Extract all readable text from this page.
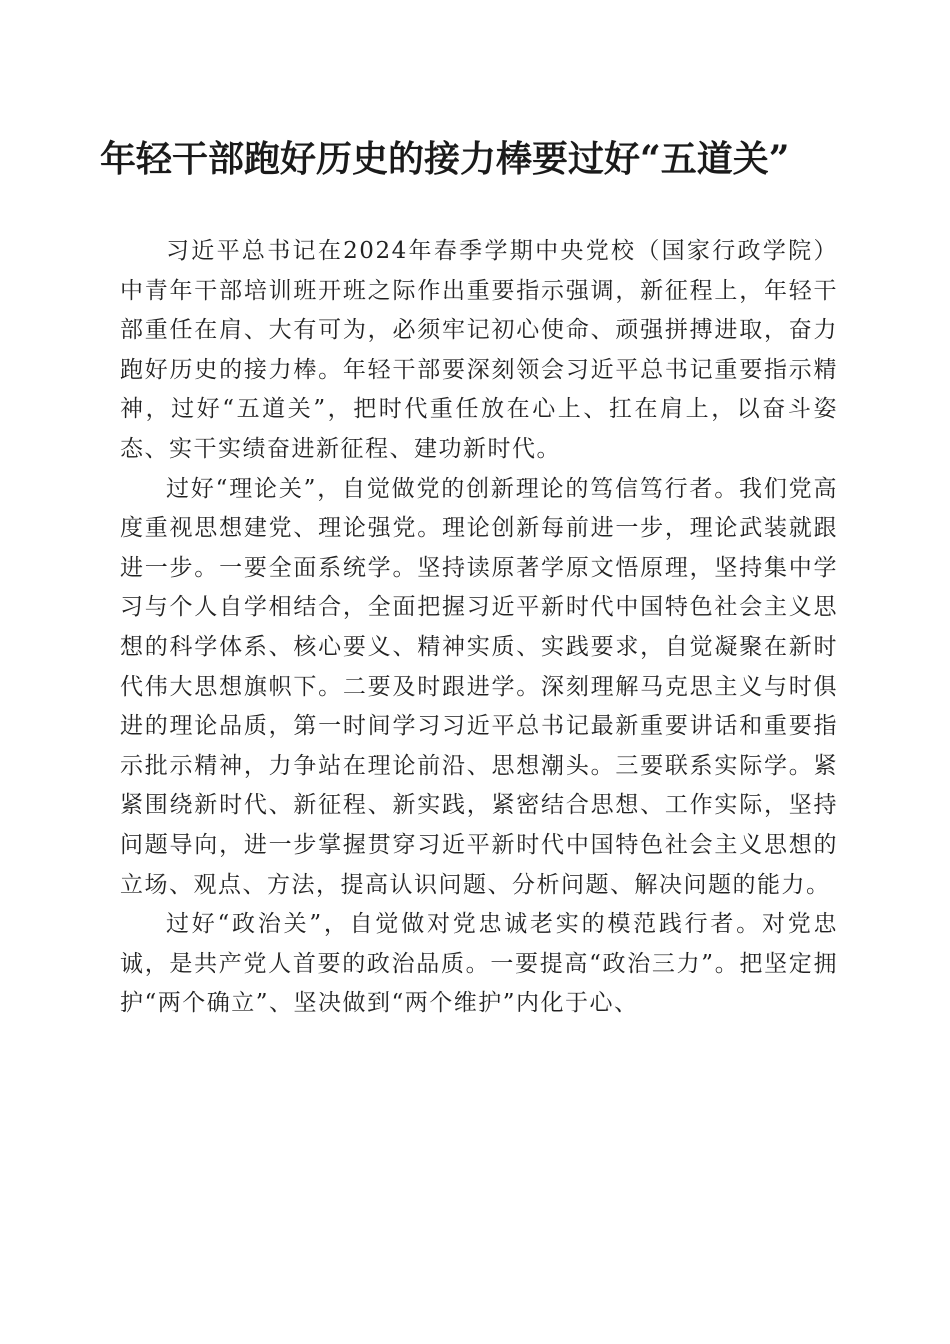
年轻干部跑好历史的接力棒要过好“五道关”

习近平总书记在2024年春季学期中央党校（国家行政学院）中青年干部培训班开班之际作出重要指示强调，新征程上，年轻干部重任在肩、大有可为，必须牢记初心使命、顽强拼搏进取，奋力跑好历史的接力棒。年轻干部要深刻领会习近平总书记重要指示精神，过好“五道关”，把时代重任放在心上、扛在肩上，以奋斗姿态、实干实绩奋进新征程、建功新时代。

过好“理论关”，自觉做党的创新理论的笃信笃行者。我们党高度重视思想建党、理论强党。理论创新每前进一步，理论武装就跟进一步。一要全面系统学。坚持读原著学原文悟原理，坚持集中学习与个人自学相结合，全面把握习近平新时代中国特色社会主义思想的科学体系、核心要义、精神实质、实践要求，自觉凝聚在新时代伟大思想旗帜下。二要及时跟进学。深刻理解马克思主义与时俱进的理论品质，第一时间学习习近平总书记最新重要讲话和重要指示批示精神，力争站在理论前沿、思想潮头。三要联系实际学。紧紧围绕新时代、新征程、新实践，紧密结合思想、工作实际，坚持问题导向，进一步掌握贯穿习近平新时代中国特色社会主义思想的立场、观点、方法，提高认识问题、分析问题、解决问题的能力。

过好“政治关”，自觉做对党忠诚老实的模范践行者。对党忠诚，是共产党人首要的政治品质。一要提高“政治三力”。把坚定拥护“两个确立”、坚决做到“两个维护”内化于心、
